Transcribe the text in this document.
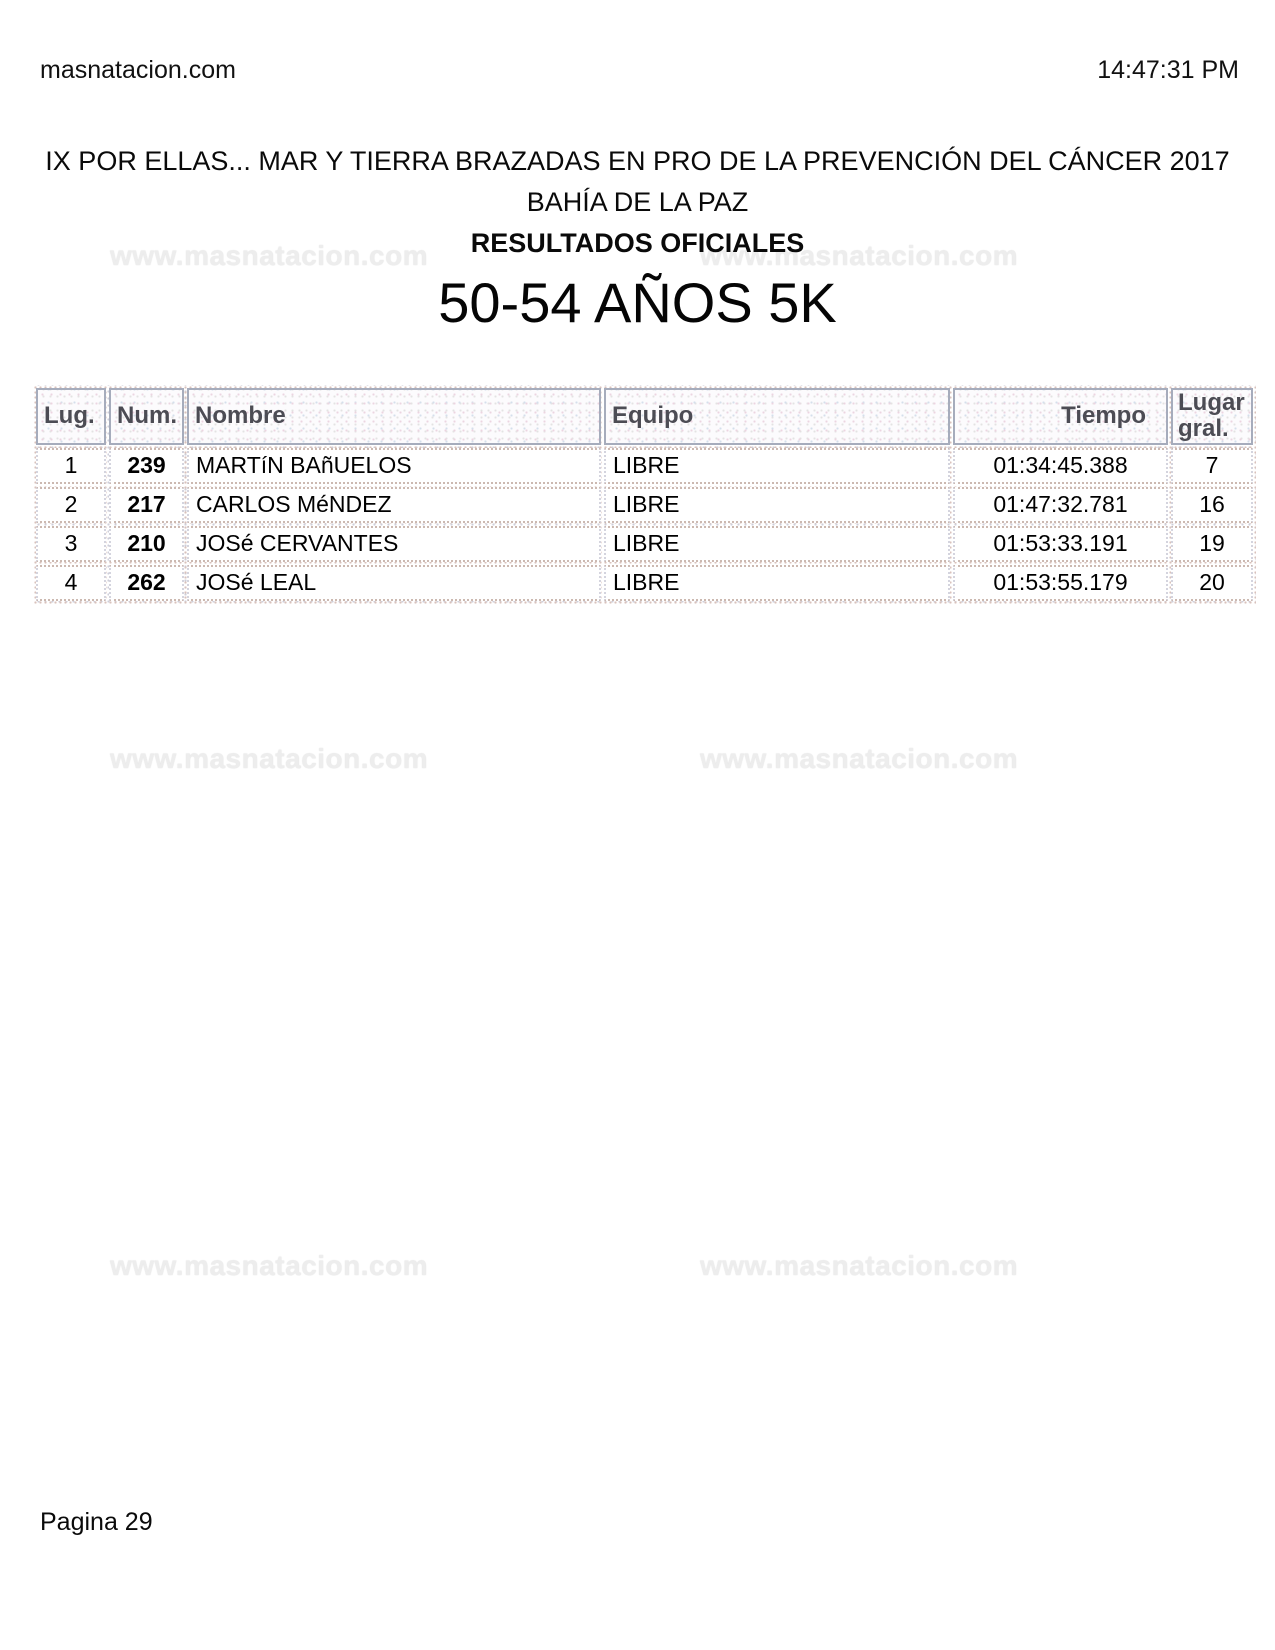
masnatacion.com	14:47:31 PM
www.masnatacion.com	www.masnatacion.com
www.masnatacion.com	www.masnatacion.com
www.masnatacion.com	www.masnatacion.com
IX POR ELLAS... MAR Y TIERRA BRAZADAS EN PRO DE LA PREVENCIÓN DEL CÁNCER 2017
BAHÍA DE LA PAZ
RESULTADOS OFICIALES
50-54 AÑOS 5K
Lug.	Num.	Nombre	Equipo	Tiempo	Lugar gral.
1	239	MARTíN BAñUELOS	LIBRE	01:34:45.388	7
2	217	CARLOS MéNDEZ	LIBRE	01:47:32.781	16
3	210	JOSé CERVANTES	LIBRE	01:53:33.191	19
4	262	JOSé LEAL	LIBRE	01:53:55.179	20
Pagina 29
